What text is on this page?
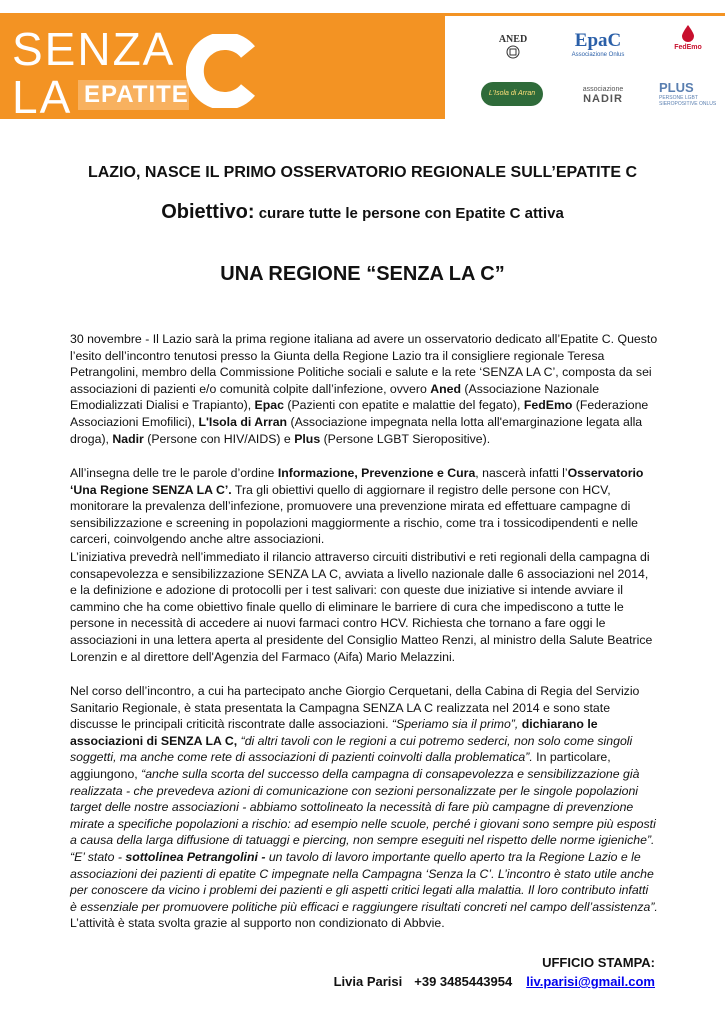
SENZA
LA EPATITE
ANED	EpaC
Associazione Onlus
FedEmo
L'Isola di Arran
associazione
NADIR
PLUS
PERSONE LGBT SIEROPOSITIVE ONLUS
LAZIO, NASCE IL PRIMO OSSERVATORIO REGIONALE SULL’EPATITE C
Obiettivo: curare tutte le persone con Epatite C attiva
UNA REGIONE “SENZA LA C”

30 novembre - Il Lazio sarà la prima regione italiana ad avere un osservatorio dedicato all’Epatite C. Questo l’esito dell’incontro tenutosi presso la Giunta della Regione Lazio tra il consigliere regionale Teresa Petrangolini, membro della Commissione Politiche sociali e salute e la rete ‘SENZA LA C’, composta da sei associazioni di pazienti e/o comunità colpite dall’infezione, ovvero Aned (Associazione Nazionale Emodializzati Dialisi e Trapianto), Epac (Pazienti con epatite e malattie del fegato), FedEmo (Federazione Associazioni Emofilici), L'Isola di Arran (Associazione impegnata nella lotta all'emarginazione legata alla droga), Nadir (Persone con HIV/AIDS) e Plus (Persone LGBT Sieropositive).

All’insegna delle tre le parole d’ordine Informazione, Prevenzione e Cura, nascerà infatti l’Osservatorio ‘Una Regione SENZA LA C’. Tra gli obiettivi quello di aggiornare il registro delle persone con HCV, monitorare la prevalenza dell’infezione, promuovere una prevenzione mirata ed effettuare campagne di sensibilizzazione e screening in popolazioni maggiormente a rischio, come tra i tossicodipendenti e nelle carceri, coinvolgendo anche altre associazioni.

L’iniziativa prevedrà nell’immediato il rilancio attraverso circuiti distributivi e reti regionali della campagna di consapevolezza e sensibilizzazione SENZA LA C, avviata a livello nazionale dalle 6 associazioni nel 2014, e la definizione e adozione di protocolli per i test salivari: con queste due iniziative si intende avviare il cammino che ha come obiettivo finale quello di eliminare le barriere di cura che impediscono a tutte le persone in necessità di accedere ai nuovi farmaci contro HCV. Richiesta che tornano a fare oggi le associazioni in una lettera aperta al presidente del Consiglio Matteo Renzi, al ministro della Salute Beatrice Lorenzin e al direttore dell'Agenzia del Farmaco (Aifa) Mario Melazzini.

Nel corso dell’incontro, a cui ha partecipato anche Giorgio Cerquetani, della Cabina di Regia del Servizio Sanitario Regionale, è stata presentata la Campagna SENZA LA C realizzata nel 2014 e sono state discusse le principali criticità riscontrate dalle associazioni. “Speriamo sia il primo”, dichiarano le associazioni di SENZA LA C, “di altri tavoli con le regioni a cui potremo sederci, non solo come singoli soggetti, ma anche come rete di associazioni di pazienti coinvolti dalla problematica”. In particolare, aggiungono, “anche sulla scorta del successo della campagna di consapevolezza e sensibilizzazione già realizzata - che prevedeva azioni di comunicazione con sezioni personalizzate per le singole popolazioni target delle nostre associazioni - abbiamo sottolineato la necessità di fare più campagne di prevenzione mirate a specifiche popolazioni a rischio: ad esempio nelle scuole, perché i giovani sono sempre più esposti a causa della larga diffusione di tatuaggi e piercing, non sempre eseguiti nel rispetto delle norme igieniche”.

“E’ stato - sottolinea Petrangolini - un tavolo di lavoro importante quello aperto tra la Regione Lazio e le associazioni dei pazienti di epatite C impegnate nella Campagna ‘Senza la C’. L’incontro è stato utile anche per conoscere da vicino i problemi dei pazienti e gli aspetti critici legati alla malattia. Il loro contributo infatti è essenziale per promuovere politiche più efficaci e raggiungere risultati concreti nel campo dell’assistenza”.

L’attività è stata svolta grazie al supporto non condizionato di Abbvie.

UFFICIO STAMPA:
Livia Parisi +39 3485443954 liv.parisi@gmail.com
